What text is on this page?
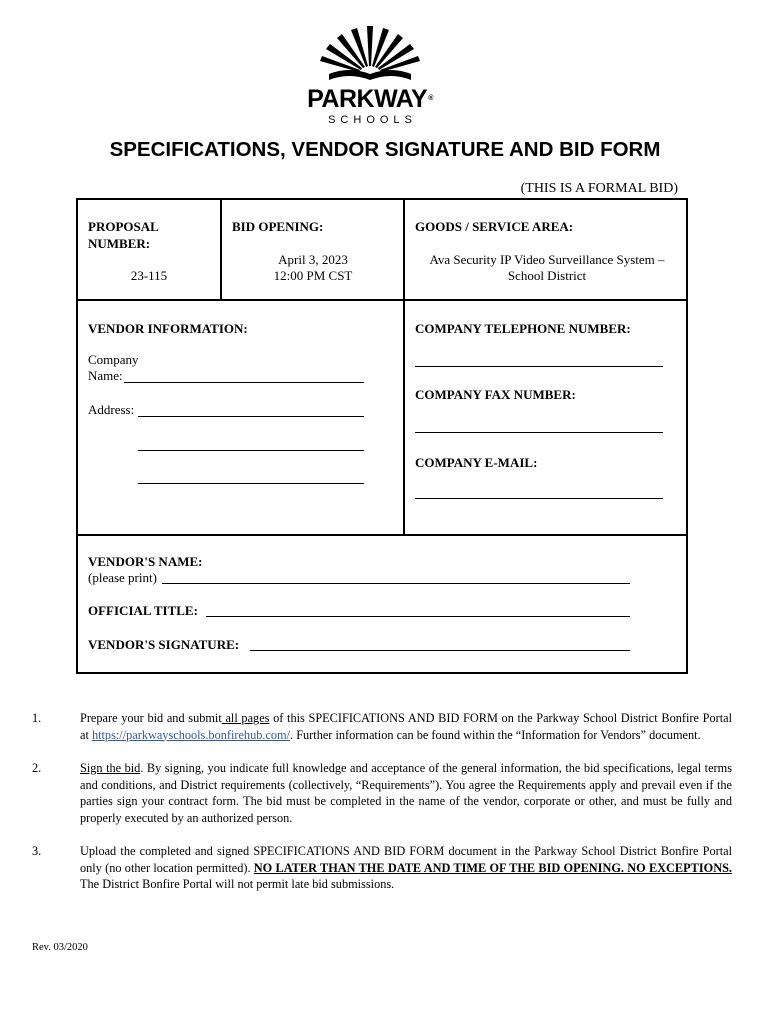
PARKWAY®
SCHOOLS
SPECIFICATIONS, VENDOR SIGNATURE AND BID FORM
(THIS IS A FORMAL BID)
PROPOSAL
NUMBER:
23-115
BID OPENING:
April 3, 2023
12:00 PM CST
GOODS / SERVICE AREA:
Ava Security IP Video Surveillance System –
School District
VENDOR INFORMATION:
Company
Name:
Address:
COMPANY TELEPHONE NUMBER:
COMPANY FAX NUMBER:
COMPANY E-MAIL:
VENDOR'S NAME:
(please print)
OFFICIAL TITLE:
VENDOR'S SIGNATURE:
1.	Prepare your bid and submit all pages of this SPECIFICATIONS AND BID FORM on the Parkway School District Bonfire Portal at https://parkwayschools.bonfirehub.com/. Further information can be found within the “Information for Vendors” document.
2.	Sign the bid. By signing, you indicate full knowledge and acceptance of the general information, the bid specifications, legal terms and conditions, and District requirements (collectively, “Requirements”). You agree the Requirements apply and prevail even if the parties sign your contract form. The bid must be completed in the name of the vendor, corporate or other, and must be fully and properly executed by an authorized person.
3.	Upload the completed and signed SPECIFICATIONS AND BID FORM document in the Parkway School District Bonfire Portal only (no other location permitted). NO LATER THAN THE DATE AND TIME OF THE BID OPENING. NO EXCEPTIONS. The District Bonfire Portal will not permit late bid submissions.
Rev. 03/2020
